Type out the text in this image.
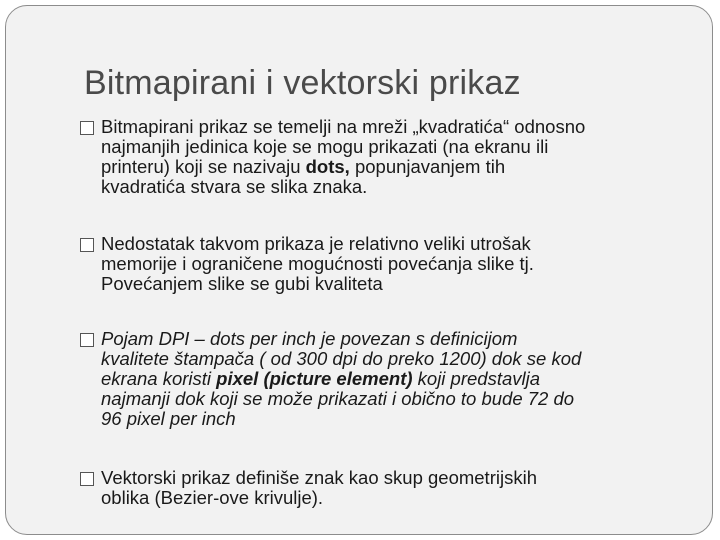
Bitmapirani i vektorski prikaz
Bitmapirani prikaz se temelji na mreži „kvadratića“ odnosno
najmanjih jedinica koje se mogu prikazati (na ekranu ili
printeru) koji se nazivaju dots, popunjavanjem tih
kvadratića stvara se slika znaka.
Nedostatak takvom prikaza je relativno veliki utrošak
memorije i ograničene mogućnosti povećanja slike tj.
Povećanjem slike se gubi kvaliteta
Pojam DPI – dots per inch je povezan s definicijom
kvalitete štampača ( od 300 dpi do preko 1200) dok se kod
ekrana koristi pixel (picture element) koji predstavlja
najmanji dok koji se može prikazati i obično to bude 72 do
96 pixel per inch
Vektorski prikaz definiše znak kao skup geometrijskih
oblika (Bezier-ove krivulje).
